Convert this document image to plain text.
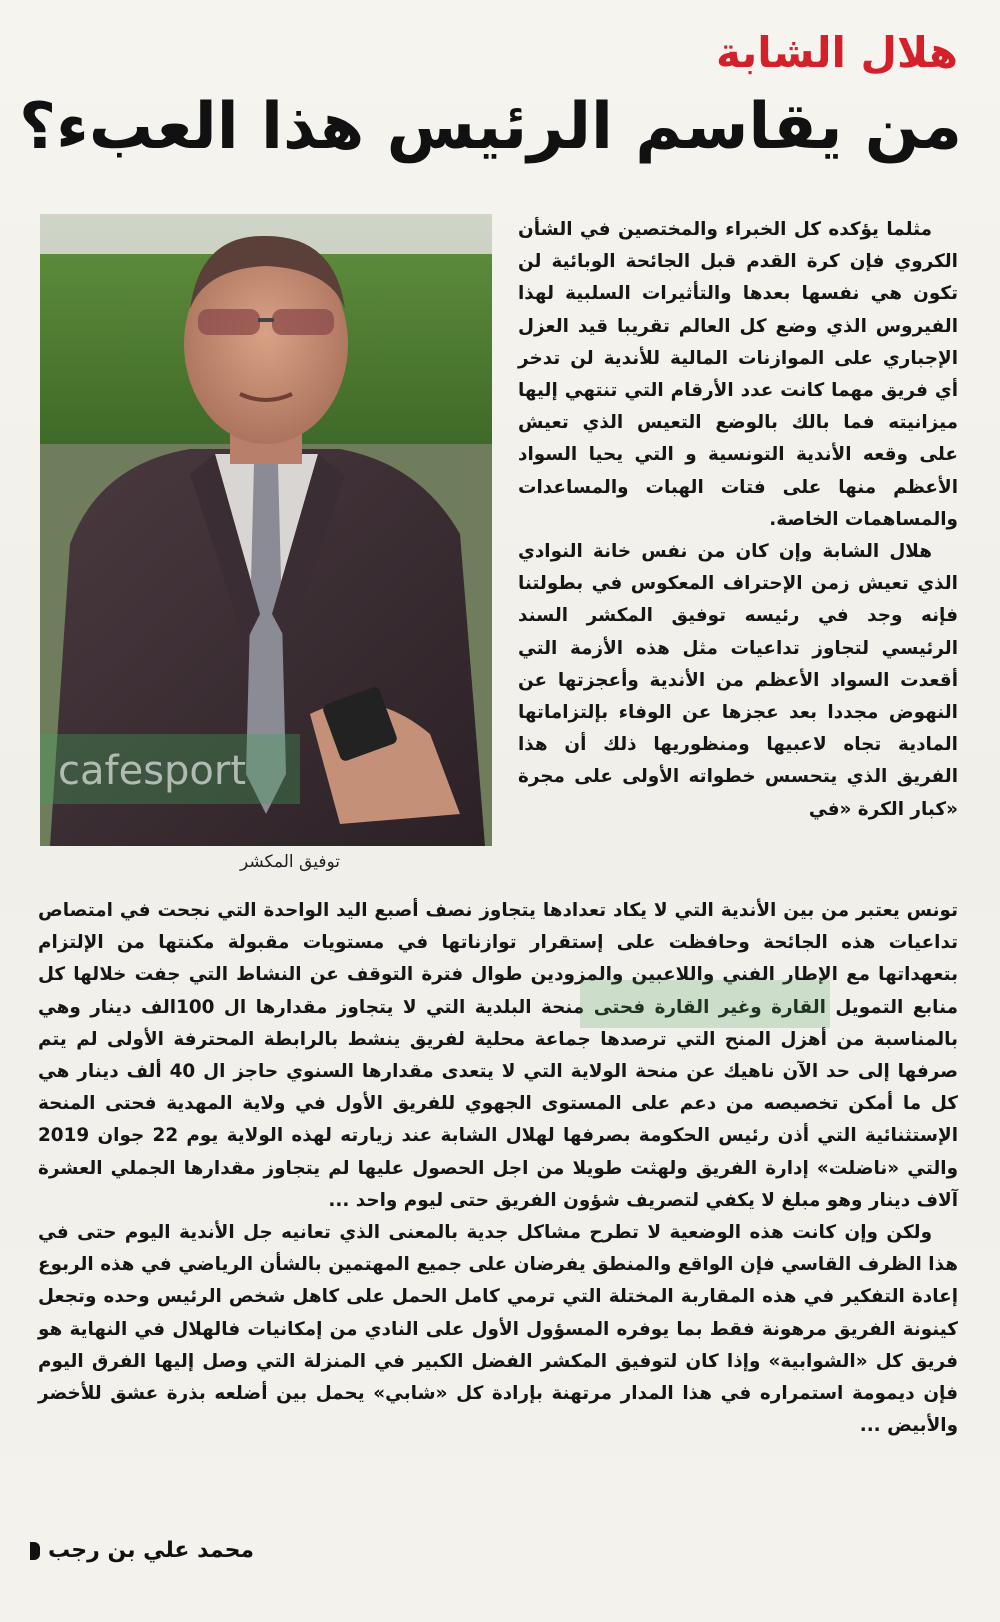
هلال الشابة
من يقاسم الرئيس هذا العبء؟
cafesport
توفيق المكشر

مثلما يؤكده كل الخبراء والمختصين في الشأن الكروي فإن كرة القدم قبل الجائحة الوبائية لن تكون هي نفسها بعدها والتأثيرات السلبية لهذا الفيروس الذي وضع كل العالم تقريبا قيد العزل الإجباري على الموازنات المالية للأندية لن تدخر أي فريق مهما كانت عدد الأرقام التي تنتهي إليها ميزانيته فما بالك بالوضع التعيس الذي تعيش على وقعه الأندية التونسية و التي يحيا السواد الأعظم منها على فتات الهبات والمساعدات والمساهمات الخاصة.

هلال الشابة وإن كان من نفس خانة النوادي الذي تعيش زمن الإحتراف المعكوس في بطولتنا فإنه وجد في رئيسه توفيق المكشر السند الرئيسي لتجاوز تداعيات مثل هذه الأزمة التي أقعدت السواد الأعظم من الأندية وأعجزتها عن النهوض مجددا بعد عجزها عن الوفاء بإلتزاماتها المادية تجاه لاعبيها ومنظوريها ذلك أن هذا الفريق الذي يتحسس خطواته الأولى على مجرة «كبار الكرة «في

تونس يعتبر من بين الأندية التي لا يكاد تعدادها يتجاوز نصف أصبع اليد الواحدة التي نجحت في امتصاص تداعيات هذه الجائحة وحافظت على إستقرار توازناتها في مستويات مقبولة مكنتها من الإلتزام بتعهداتها مع الإطار الفني واللاعبين والمزودين طوال فترة التوقف عن النشاط التي جفت خلالها كل منابع التمويل القارة وغير القارة فحتى منحة البلدية التي لا يتجاوز مقدارها ال 100الف دينار وهي بالمناسبة من أهزل المنح التي ترصدها جماعة محلية لفريق ينشط بالرابطة المحترفة الأولى لم يتم صرفها إلى حد الآن ناهيك عن منحة الولاية التي لا يتعدى مقدارها السنوي حاجز ال 40 ألف دينار هي كل ما أمكن تخصيصه من دعم على المستوى الجهوي للفريق الأول في ولاية المهدية فحتى المنحة الإستثنائية التي أذن رئيس الحكومة بصرفها لهلال الشابة عند زيارته لهذه الولاية يوم 22 جوان 2019 والتي «ناضلت» إدارة الفريق ولهثت طويلا من اجل الحصول عليها لم يتجاوز مقدارها الجملي العشرة آلاف دينار وهو مبلغ لا يكفي لتصريف شؤون الفريق حتى ليوم واحد ...

ولكن وإن كانت هذه الوضعية لا تطرح مشاكل جدية بالمعنى الذي تعانيه جل الأندية اليوم حتى في هذا الظرف القاسي فإن الواقع والمنطق يفرضان على جميع المهتمين بالشأن الرياضي في هذه الربوع إعادة التفكير في هذه المقاربة المختلة التي ترمي كامل الحمل على كاهل شخص الرئيس وحده وتجعل كينونة الفريق مرهونة فقط بما يوفره المسؤول الأول على النادي من إمكانيات فالهلال في النهاية هو فريق كل «الشوابية» وإذا كان لتوفيق المكشر الفضل الكبير في المنزلة التي وصل إليها الفرق اليوم فإن ديمومة استمراره في هذا المدار مرتهنة بإرادة كل «شابي» يحمل بين أضلعه بذرة عشق للأخضر والأبيض ...

محمد علي بن رجب
